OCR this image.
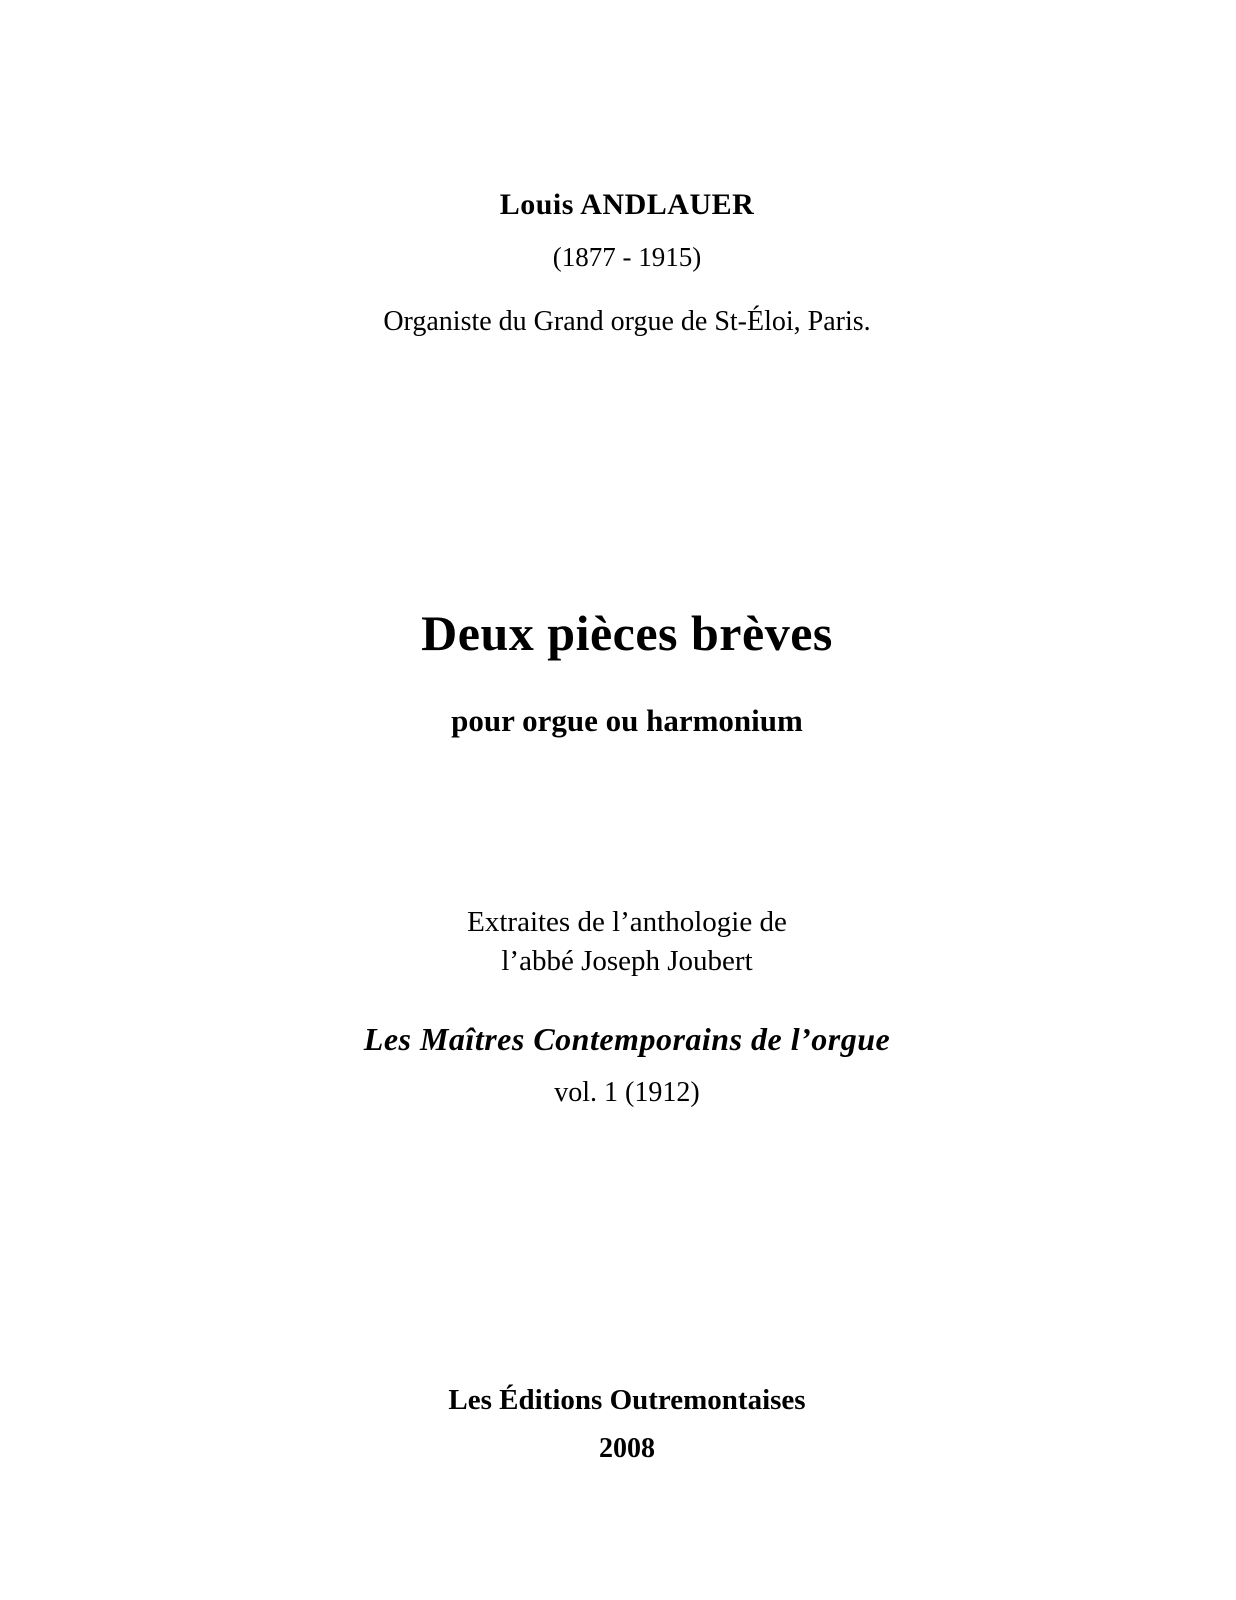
Louis ANDLAUER
(1877 - 1915)
Organiste du Grand orgue de St-Éloi, Paris.
Deux pièces brèves
pour orgue ou harmonium
Extraites de l’anthologie de
l’abbé Joseph Joubert
Les Maîtres Contemporains de l’orgue
vol. 1 (1912)
Les Éditions Outremontaises
2008
